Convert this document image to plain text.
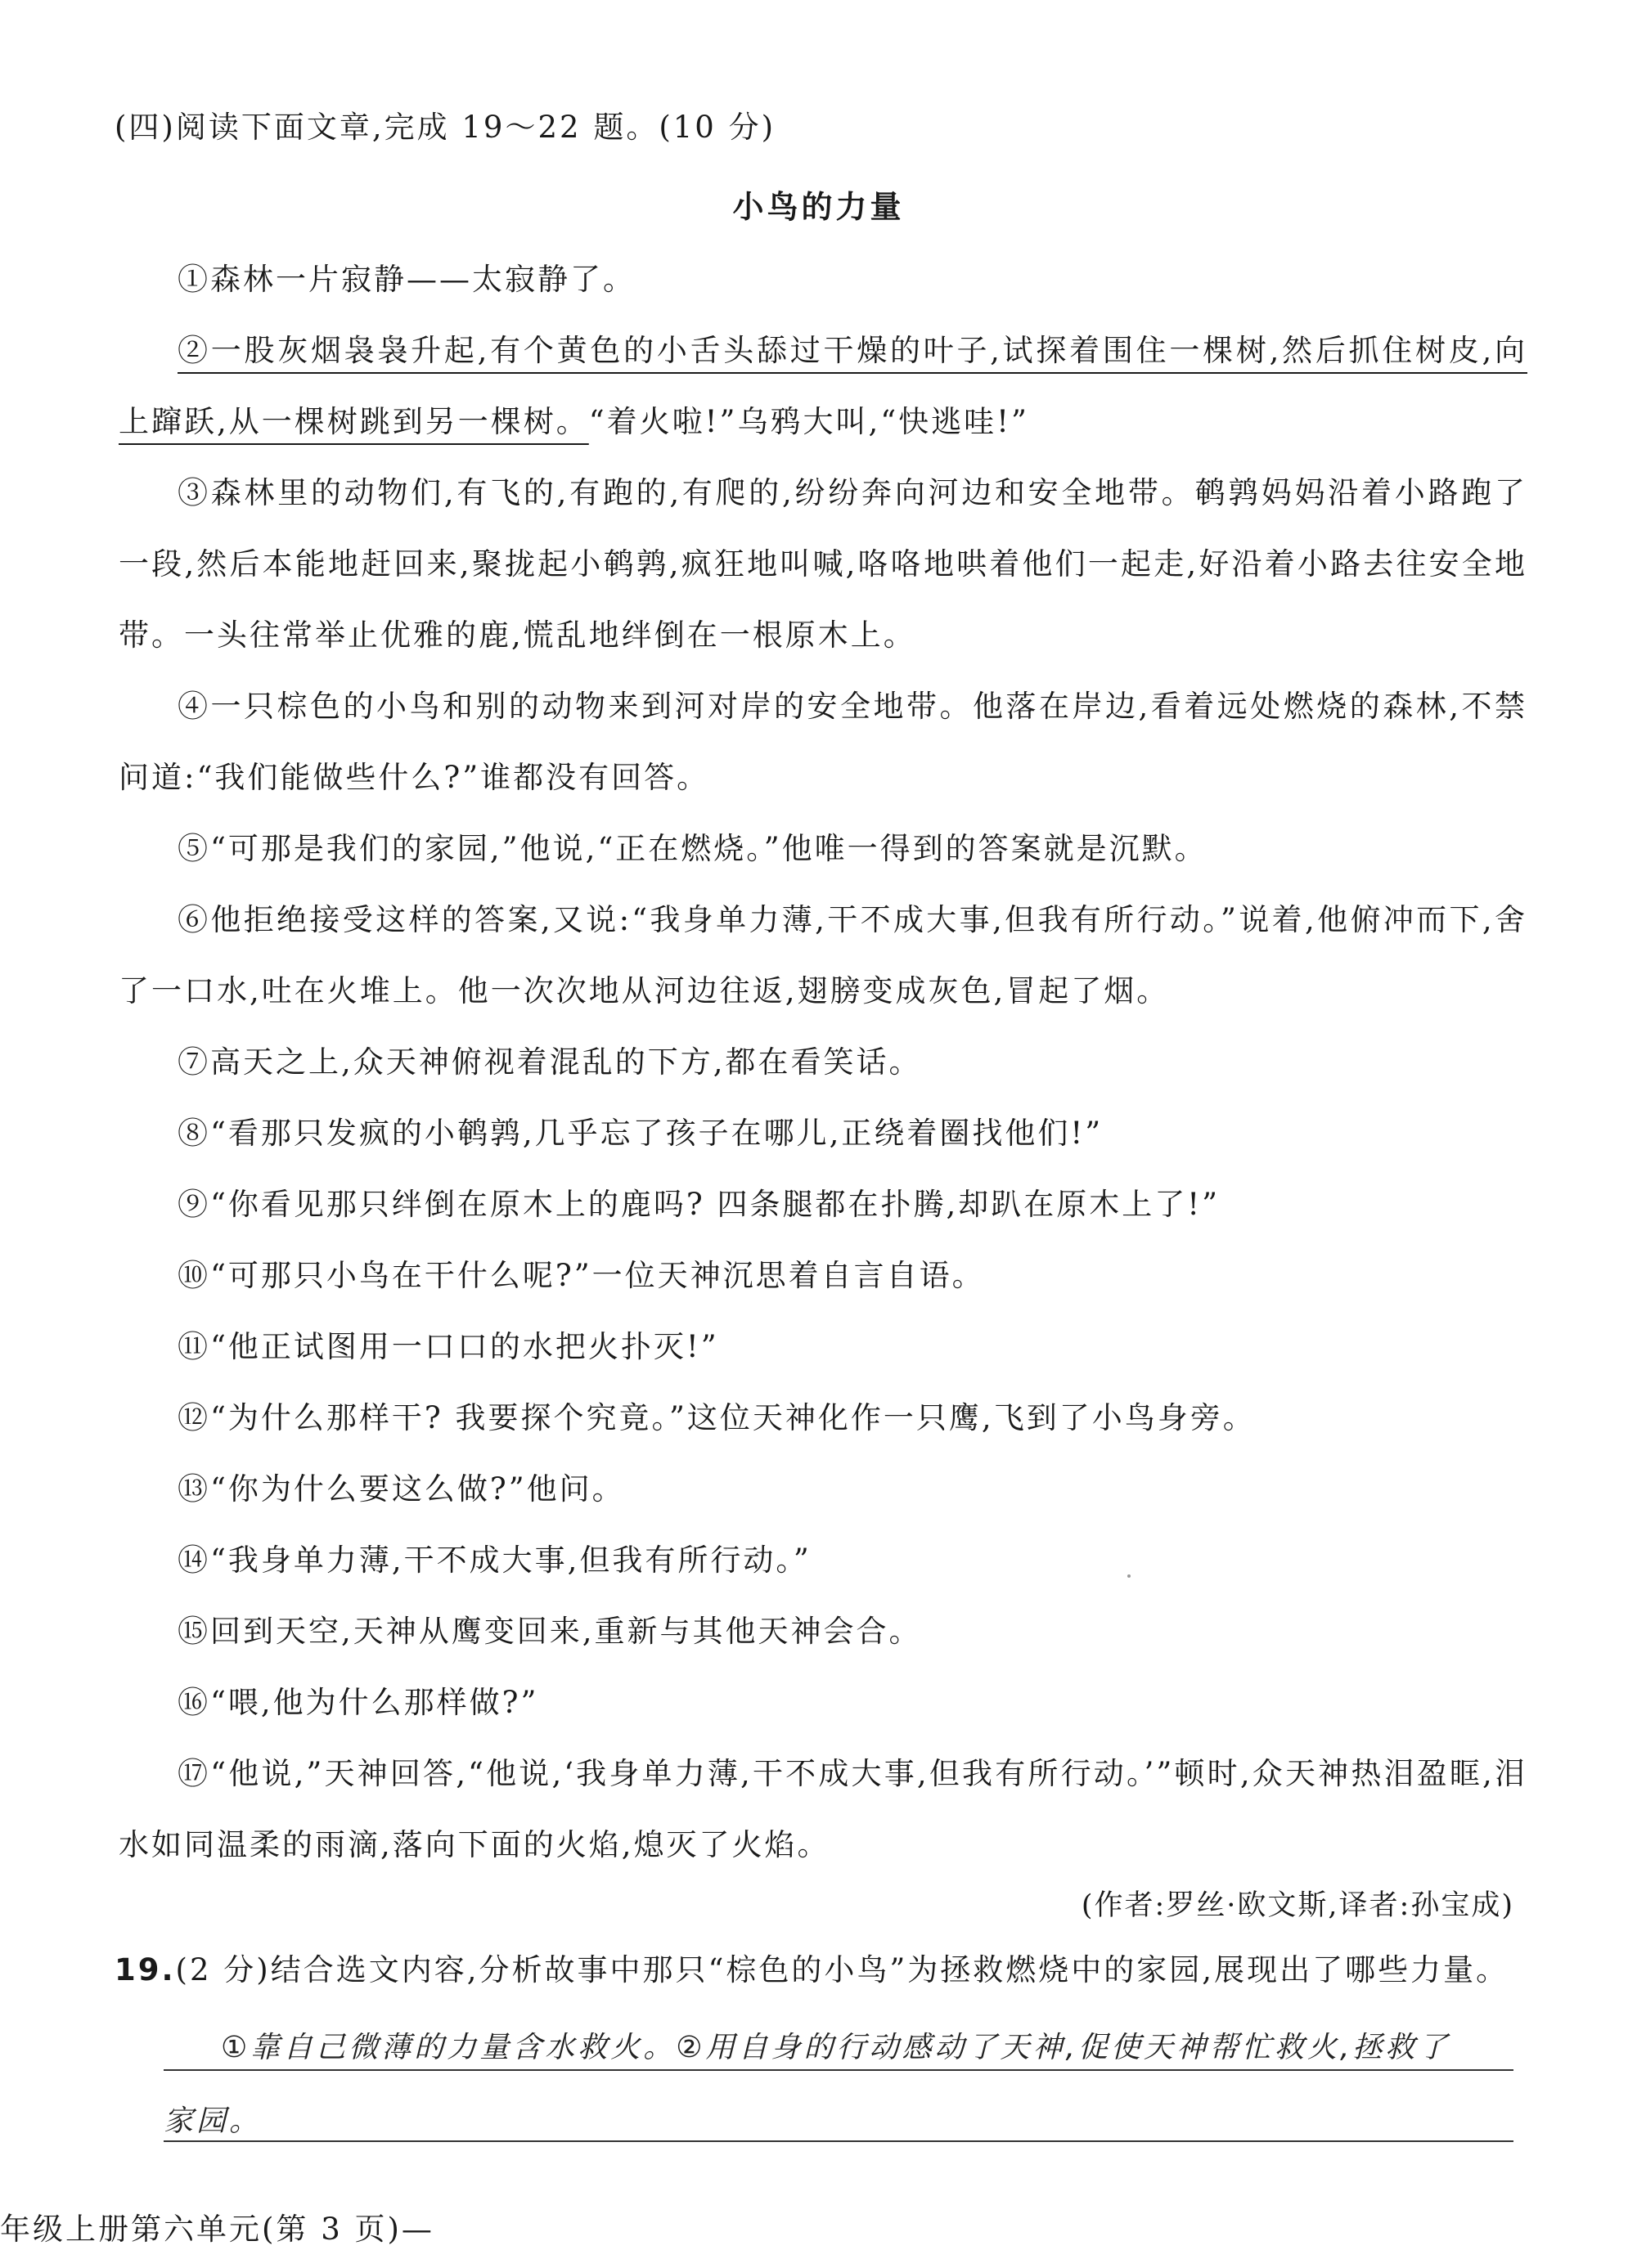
(四)阅读下面文章,完成 19～22 题。(10 分)
小鸟的力量
①森林一片寂静——太寂静了。
②一股灰烟袅袅升起,有个黄色的小舌头舔过干燥的叶子,试探着围住一棵树,然后抓住树皮,向上蹿跃,从一棵树跳到另一棵树。“着火啦!”乌鸦大叫,“快逃哇!”
③森林里的动物们,有飞的,有跑的,有爬的,纷纷奔向河边和安全地带。鹌鹑妈妈沿着小路跑了一段,然后本能地赶回来,聚拢起小鹌鹑,疯狂地叫喊,咯咯地哄着他们一起走,好沿着小路去往安全地带。一头往常举止优雅的鹿,慌乱地绊倒在一根原木上。
④一只棕色的小鸟和别的动物来到河对岸的安全地带。他落在岸边,看着远处燃烧的森林,不禁问道:“我们能做些什么?”谁都没有回答。
⑤“可那是我们的家园,”他说,“正在燃烧。”他唯一得到的答案就是沉默。
⑥他拒绝接受这样的答案,又说:“我身单力薄,干不成大事,但我有所行动。”说着,他俯冲而下,舍了一口水,吐在火堆上。他一次次地从河边往返,翅膀变成灰色,冒起了烟。
⑦高天之上,众天神俯视着混乱的下方,都在看笑话。
⑧“看那只发疯的小鹌鹑,几乎忘了孩子在哪儿,正绕着圈找他们!”
⑨“你看见那只绊倒在原木上的鹿吗? 四条腿都在扑腾,却趴在原木上了!”
⑩“可那只小鸟在干什么呢?”一位天神沉思着自言自语。
⑪“他正试图用一口口的水把火扑灭!”
⑫“为什么那样干? 我要探个究竟。”这位天神化作一只鹰,飞到了小鸟身旁。
⑬“你为什么要这么做?”他问。
⑭“我身单力薄,干不成大事,但我有所行动。”
⑮回到天空,天神从鹰变回来,重新与其他天神会合。
⑯“喂,他为什么那样做?”
⑰“他说,”天神回答,“他说,‘我身单力薄,干不成大事,但我有所行动。’”顿时,众天神热泪盈眶,泪水如同温柔的雨滴,落向下面的火焰,熄灭了火焰。
(作者:罗丝·欧文斯,译者:孙宝成)
19.(2 分)结合选文内容,分析故事中那只“棕色的小鸟”为拯救燃烧中的家园,展现出了哪些力量。
①靠自己微薄的力量含水救火。②用自身的行动感动了天神,促使天神帮忙救火,拯救了
家园。
年级上册第六单元(第 3 页)—
